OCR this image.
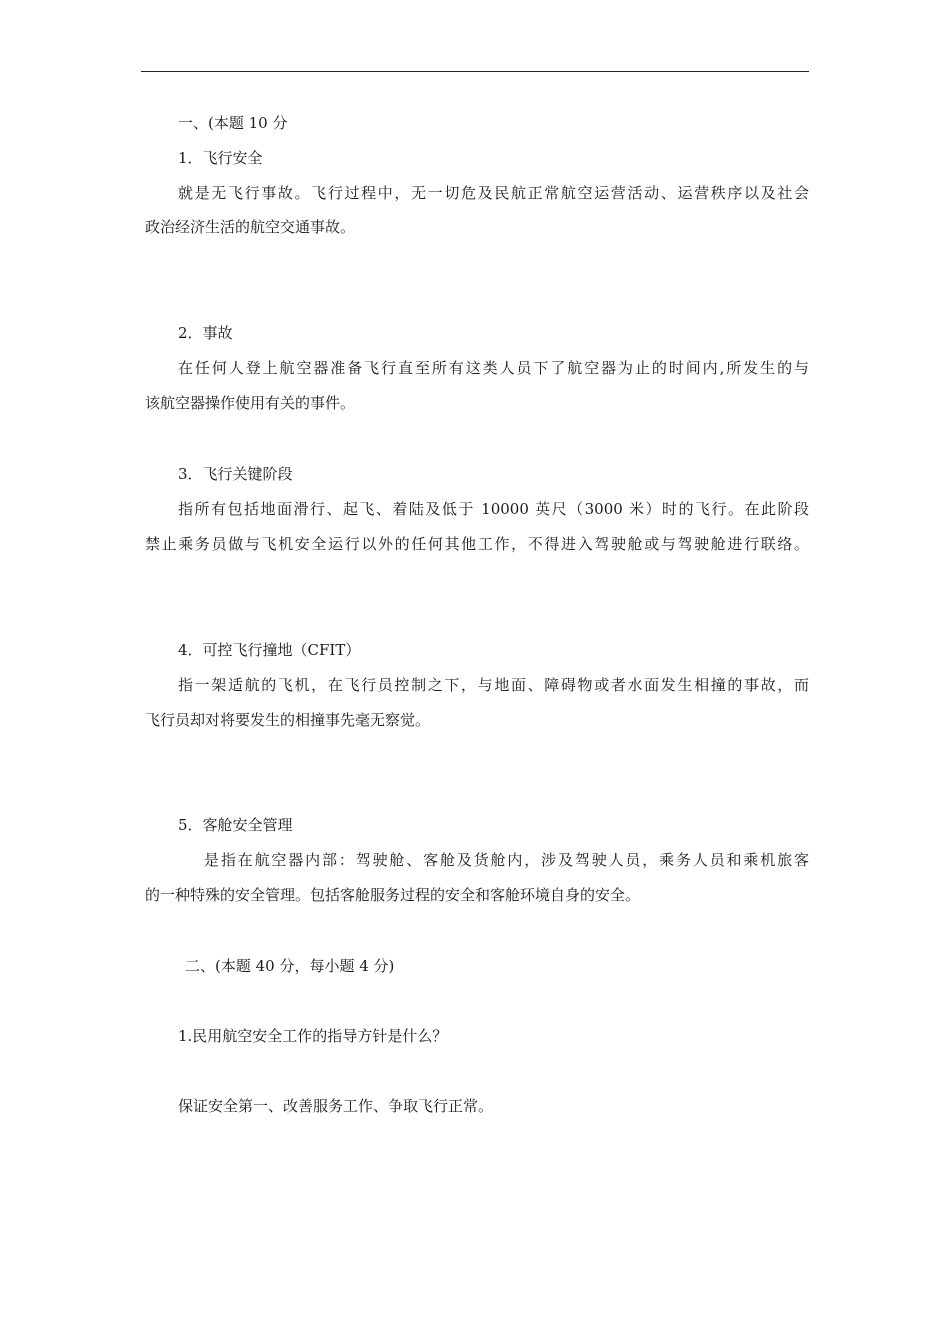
一、(本题 10 分
1．飞行安全
就是无飞行事故。飞行过程中，无一切危及民航正常航空运营活动、运营秩序以及社会
政治经济生活的航空交通事故。
2．事故
在任何人登上航空器准备飞行直至所有这类人员下了航空器为止的时间内,所发生的与
该航空器操作使用有关的事件。
3．飞行关键阶段
指所有包括地面滑行、起飞、着陆及低于 10000 英尺（3000 米）时的飞行。在此阶段
禁止乘务员做与飞机安全运行以外的任何其他工作，不得进入驾驶舱或与驾驶舱进行联络。
4．可控飞行撞地（CFIT）
指一架适航的飞机，在飞行员控制之下，与地面、障碍物或者水面发生相撞的事故，而
飞行员却对将要发生的相撞事先毫无察觉。
5．客舱安全管理
是指在航空器内部：驾驶舱、客舱及货舱内，涉及驾驶人员，乘务人员和乘机旅客
的一种特殊的安全管理。包括客舱服务过程的安全和客舱环境自身的安全。
二、(本题 40 分，每小题 4 分)
1.民用航空安全工作的指导方针是什么？
保证安全第一、改善服务工作、争取飞行正常。
